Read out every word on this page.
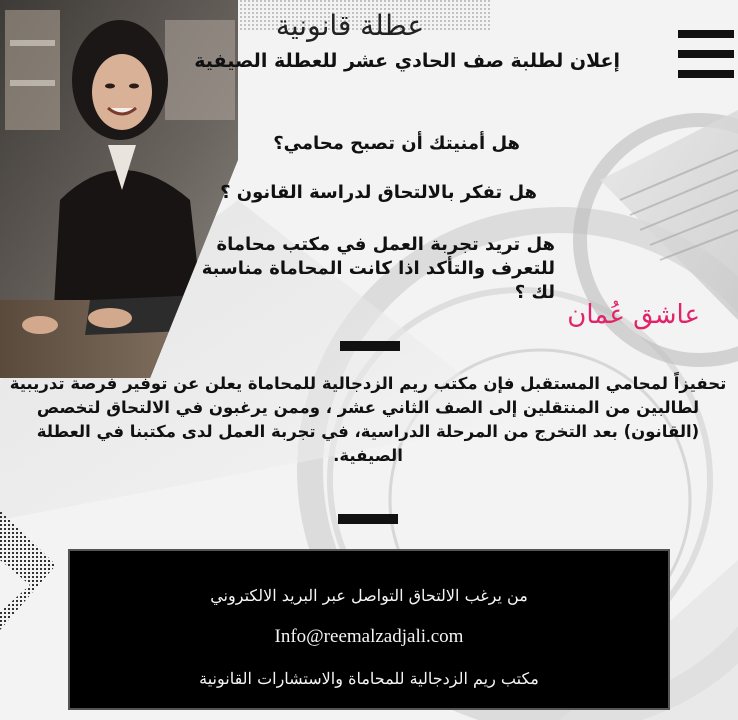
عطلة قانونية
إعلان لطلبة صف الحادي عشر للعطلة الصيفية

هل أمنيتك أن تصبح محامي؟

هل تفكر بالالتحاق لدراسة القانون ؟

هل تريد تجربة العمل في مكتب محاماة للتعرف والتأكد اذا كانت المحاماة مناسبة لك ؟

عاشق عُمان

تحفيزاً لمحامي المستقبل فإن مكتب ريم الزدجالية للمحاماة يعلن عن توفير فرصة تدريبية لطالبين من المنتقلين إلى الصف الثاني عشر ، وممن يرغبون في الالتحاق لتخصص (القانون) بعد التخرج من المرحلة الدراسية، في تجربة العمل لدى مكتبنا في العطلة الصيفية.

من يرغب الالتحاق التواصل عبر البريد الالكتروني

Info@reemalzadjali.com

مكتب ريم الزدجالية للمحاماة والاستشارات القانونية
